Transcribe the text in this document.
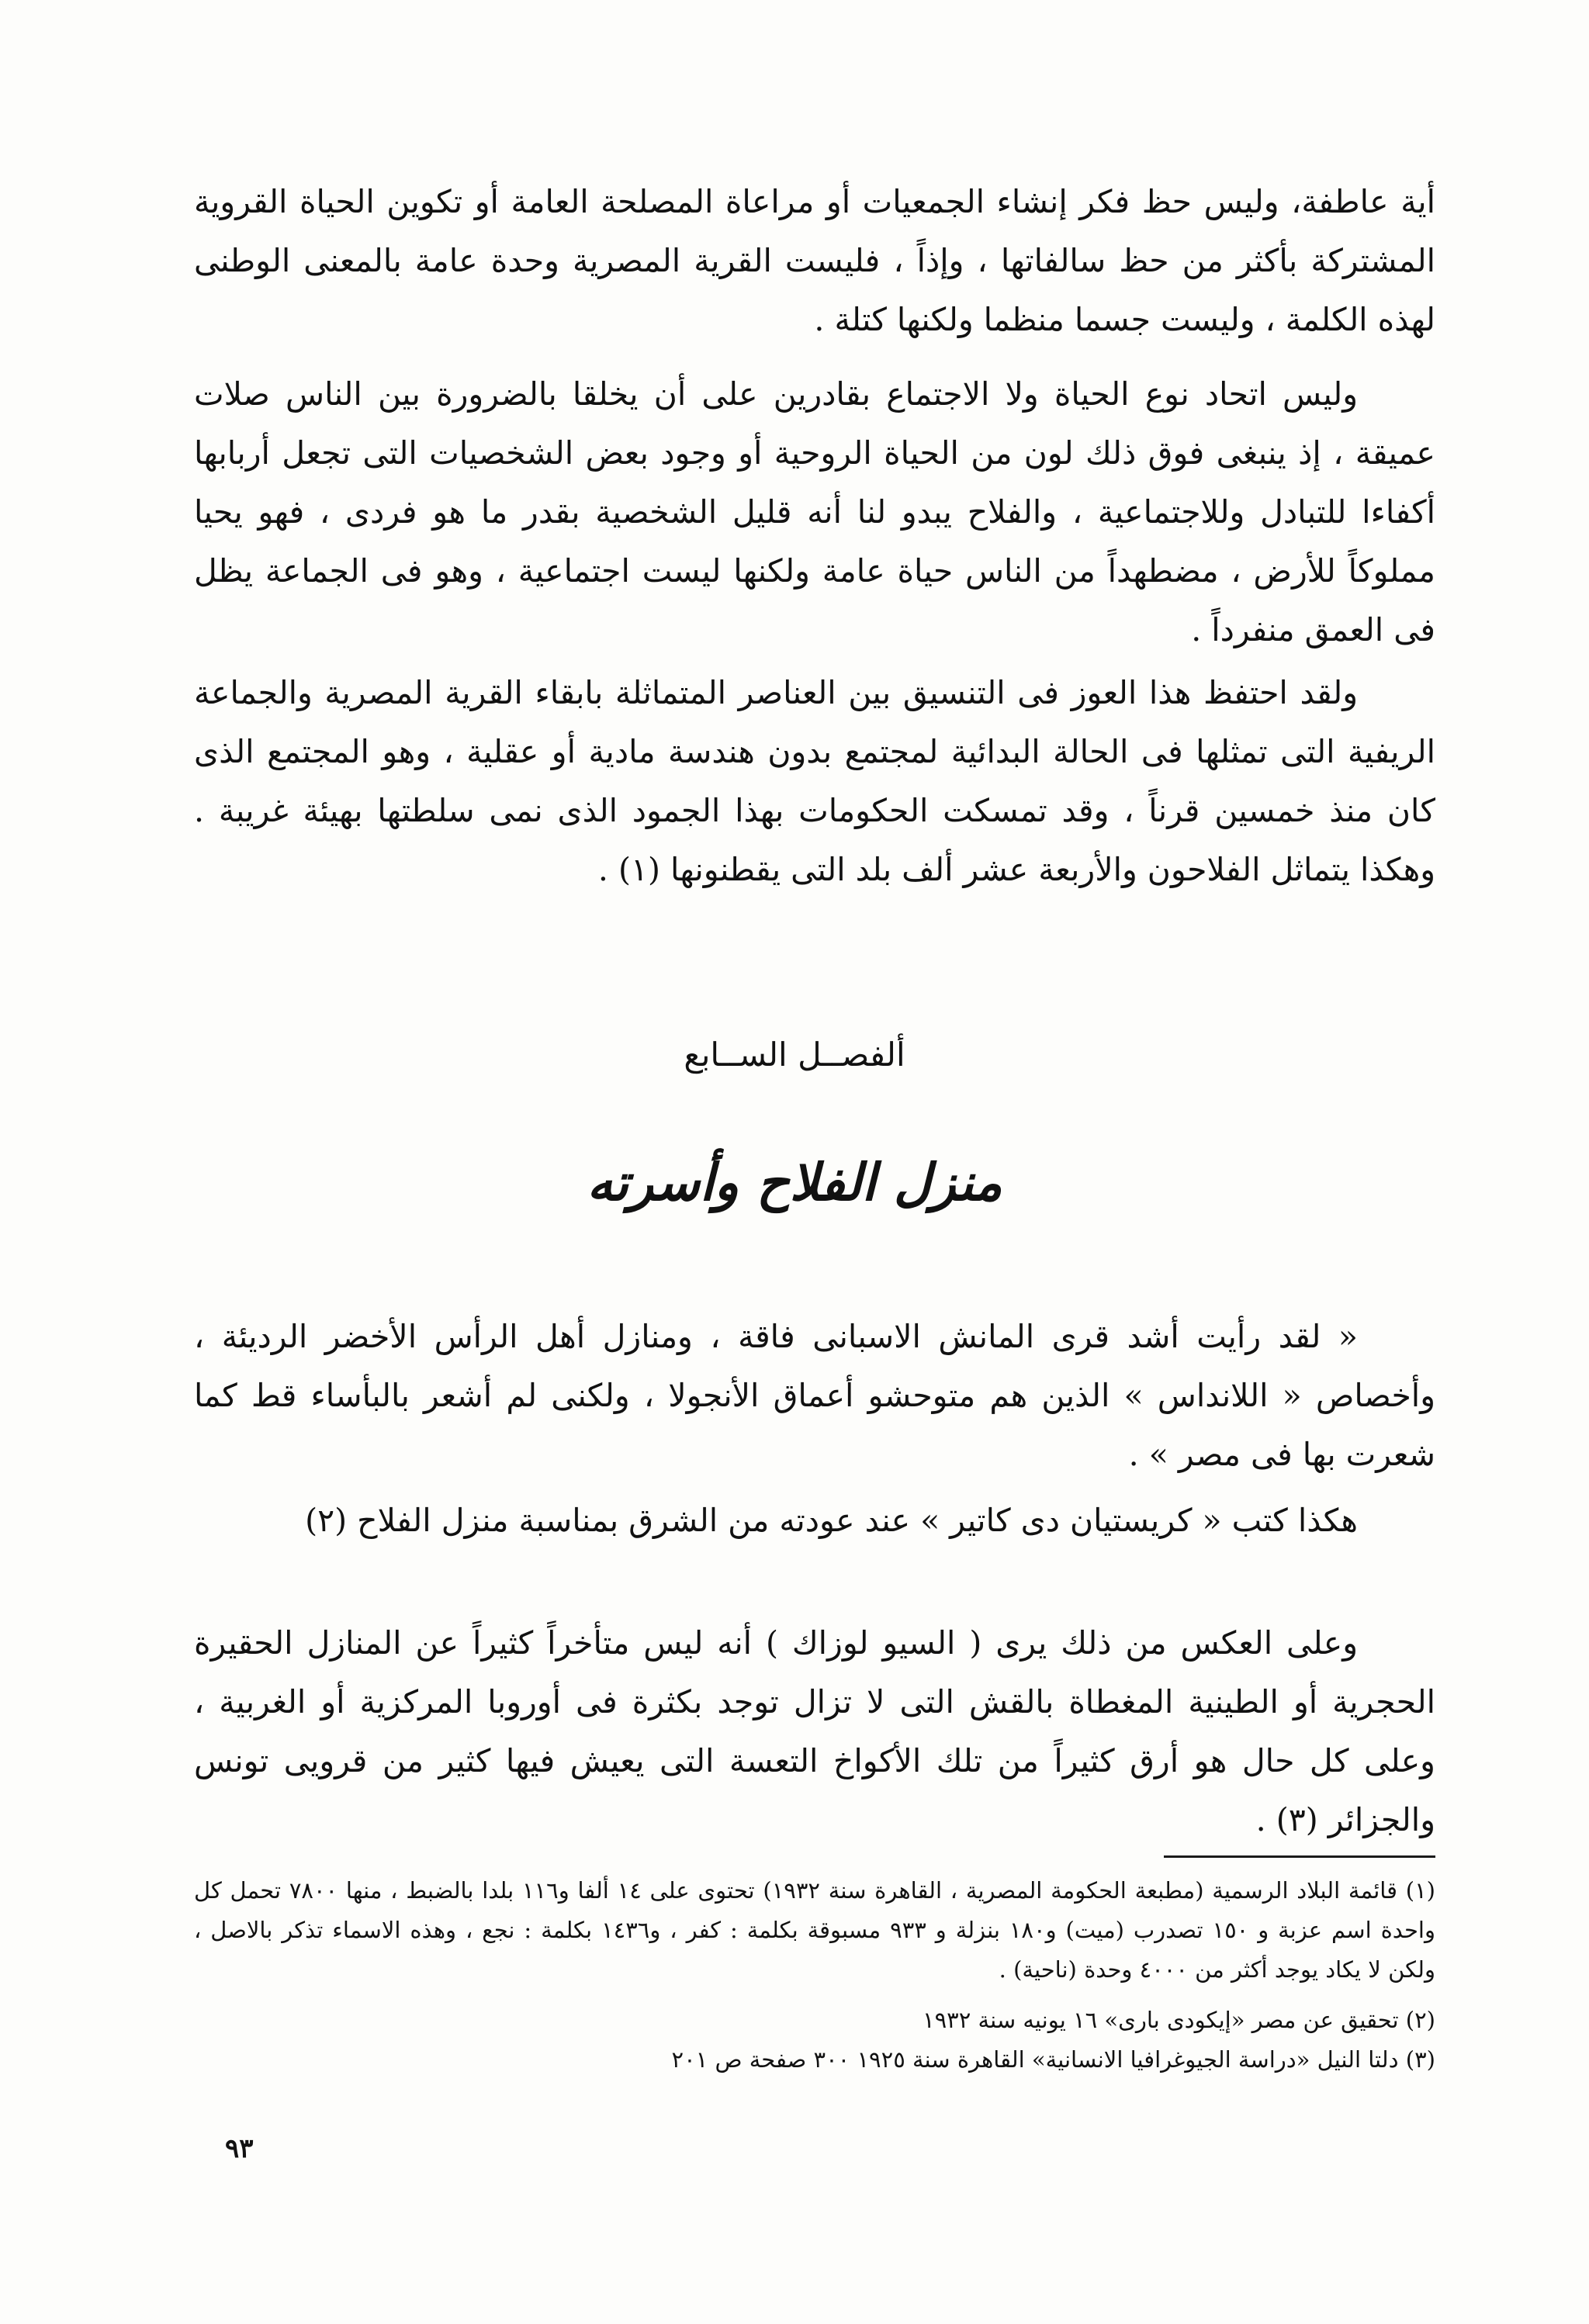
أية عاطفة، وليس حظ فكر إنشاء الجمعيات أو مراعاة المصلحة العامة أو تكوين الحياة القروية المشتركة بأكثر من حظ سالفاتها ، وإذاً ، فليست القرية المصرية وحدة عامة بالمعنى الوطنى لهذه الكلمة ، وليست جسما منظما ولكنها كتلة .

وليس اتحاد نوع الحياة ولا الاجتماع بقادرين على أن يخلقا بالضرورة بين الناس صلات عميقة ، إذ ينبغى فوق ذلك لون من الحياة الروحية أو وجود بعض الشخصيات التى تجعل أربابها أكفاءا للتبادل وللاجتماعية ، والفلاح يبدو لنا أنه قليل الشخصية بقدر ما هو فردى ، فهو يحيا مملوكاً للأرض ، مضطهداً من الناس حياة عامة ولكنها ليست اجتماعية ، وهو فى الجماعة يظل فى العمق منفرداً .

ولقد احتفظ هذا العوز فى التنسيق بين العناصر المتماثلة بابقاء القرية المصرية والجماعة الريفية التى تمثلها فى الحالة البدائية لمجتمع بدون هندسة مادية أو عقلية ، وهو المجتمع الذى كان منذ خمسين قرناً ، وقد تمسكت الحكومات بهذا الجمود الذى نمى سلطتها بهيئة غريبة . وهكذا يتماثل الفلاحون والأربعة عشر ألف بلد التى يقطنونها (١) .

ألفصــل الســابع
منزل الفلاح وأسرته

« لقد رأيت أشد قرى المانش الاسبانى فاقة ، ومنازل أهل الرأس الأخضر الرديئة ، وأخصاص « اللانداس » الذين هم متوحشو أعماق الأنجولا ، ولكنى لم أشعر بالبأساء قط كما شعرت بها فى مصر » .

هكذا كتب « كريستيان دى كاتير » عند عودته من الشرق بمناسبة منزل الفلاح (٢)

وعلى العكس من ذلك يرى ( السيو لوزاك ) أنه ليس متأخراً كثيراً عن المنازل الحقيرة الحجرية أو الطينية المغطاة بالقش التى لا تزال توجد بكثرة فى أوروبا المركزية أو الغربية ، وعلى كل حال هو أرق كثيراً من تلك الأكواخ التعسة التى يعيش فيها كثير من قرويى تونس والجزائر (٣) .

(١) قائمة البلاد الرسمية (مطبعة الحكومة المصرية ، القاهرة سنة ١٩٣٢) تحتوى على ١٤ ألفا و١١٦ بلدا بالضبط ، منها ٧٨٠٠ تحمل كل واحدة اسم عزبة و ١٥٠ تصدرب (ميت) و١٨٠ بنزلة و ٩٣٣ مسبوقة بكلمة : كفر ، و١٤٣٦ بكلمة : نجع ، وهذه الاسماء تذكر بالاصل ، ولكن لا يكاد يوجد أكثر من ٤٠٠٠ وحدة (ناحية) .

(٢) تحقيق عن مصر «إيكودى بارى» ١٦ يونيه سنة ١٩٣٢

(٣) دلتا النيل «دراسة الجيوغرافيا الانسانية» القاهرة سنة ١٩٢٥ ٣٠٠ صفحة ص ٢٠١

٩٣
